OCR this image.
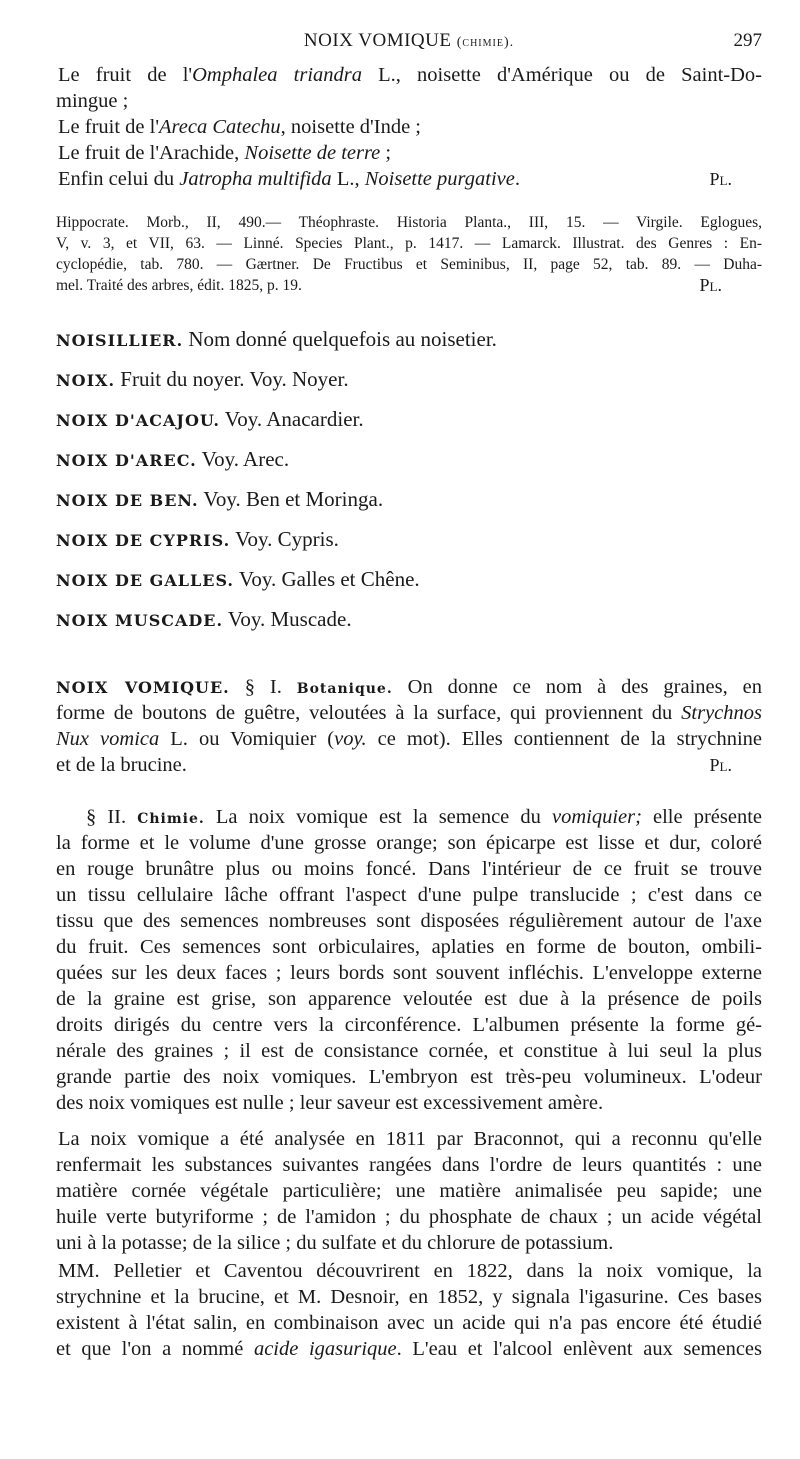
NOIX VOMIQUE (chimie).	297
Le fruit de l'Omphalea triandra L., noisette d'Amérique ou de Saint-Do-
mingue ;
Le fruit de l'Areca Catechu, noisette d'Inde ;
Le fruit de l'Arachide, Noisette de terre ;
Enfin celui du Jatropha multifida L., Noisette purgative.	Pl.
Hippocrate. Morb., II, 490.— Théophraste. Historia Planta., III, 15. — Virgile. Eglogues,
V, v. 3, et VII, 63. — Linné. Species Plant., p. 1417. — Lamarck. Illustrat. des Genres : En-
cyclopédie, tab. 780. — Gærtner. De Fructibus et Seminibus, II, page 52, tab. 89. — Duha-
mel. Traité des arbres, édit. 1825, p. 19.	Pl.
NOISILLIER. Nom donné quelquefois au noisetier.
NOIX. Fruit du noyer. Voy. Noyer.
NOIX D'ACAJOU. Voy. Anacardier.
NOIX D'AREC. Voy. Arec.
NOIX DE BEN. Voy. Ben et Moringa.
NOIX DE CYPRIS. Voy. Cypris.
NOIX DE GALLES. Voy. Galles et Chêne.
NOIX MUSCADE. Voy. Muscade.
NOIX VOMIQUE. § I. Botanique. On donne ce nom à des graines, en
forme de boutons de guêtre, veloutées à la surface, qui proviennent du Strychnos
Nux vomica L. ou Vomiquier (voy. ce mot). Elles contiennent de la strychnine
et de la brucine.	Pl.
§ II. Chimie. La noix vomique est la semence du vomiquier; elle présente
la forme et le volume d'une grosse orange; son épicarpe est lisse et dur, coloré
en rouge brunâtre plus ou moins foncé. Dans l'intérieur de ce fruit se trouve
un tissu cellulaire lâche offrant l'aspect d'une pulpe translucide ; c'est dans ce
tissu que des semences nombreuses sont disposées régulièrement autour de l'axe
du fruit. Ces semences sont orbiculaires, aplaties en forme de bouton, ombili-
quées sur les deux faces ; leurs bords sont souvent infléchis. L'enveloppe externe
de la graine est grise, son apparence veloutée est due à la présence de poils
droits dirigés du centre vers la circonférence. L'albumen présente la forme gé-
nérale des graines ; il est de consistance cornée, et constitue à lui seul la plus
grande partie des noix vomiques. L'embryon est très-peu volumineux. L'odeur
des noix vomiques est nulle ; leur saveur est excessivement amère.
La noix vomique a été analysée en 1811 par Braconnot, qui a reconnu qu'elle
renfermait les substances suivantes rangées dans l'ordre de leurs quantités : une
matière cornée végétale particulière; une matière animalisée peu sapide; une
huile verte butyriforme ; de l'amidon ; du phosphate de chaux ; un acide végétal
uni à la potasse; de la silice ; du sulfate et du chlorure de potassium.
MM. Pelletier et Caventou découvrirent en 1822, dans la noix vomique, la
strychnine et la brucine, et M. Desnoir, en 1852, y signala l'igasurine. Ces bases
existent à l'état salin, en combinaison avec un acide qui n'a pas encore été étudié
et que l'on a nommé acide igasurique. L'eau et l'alcool enlèvent aux semences
